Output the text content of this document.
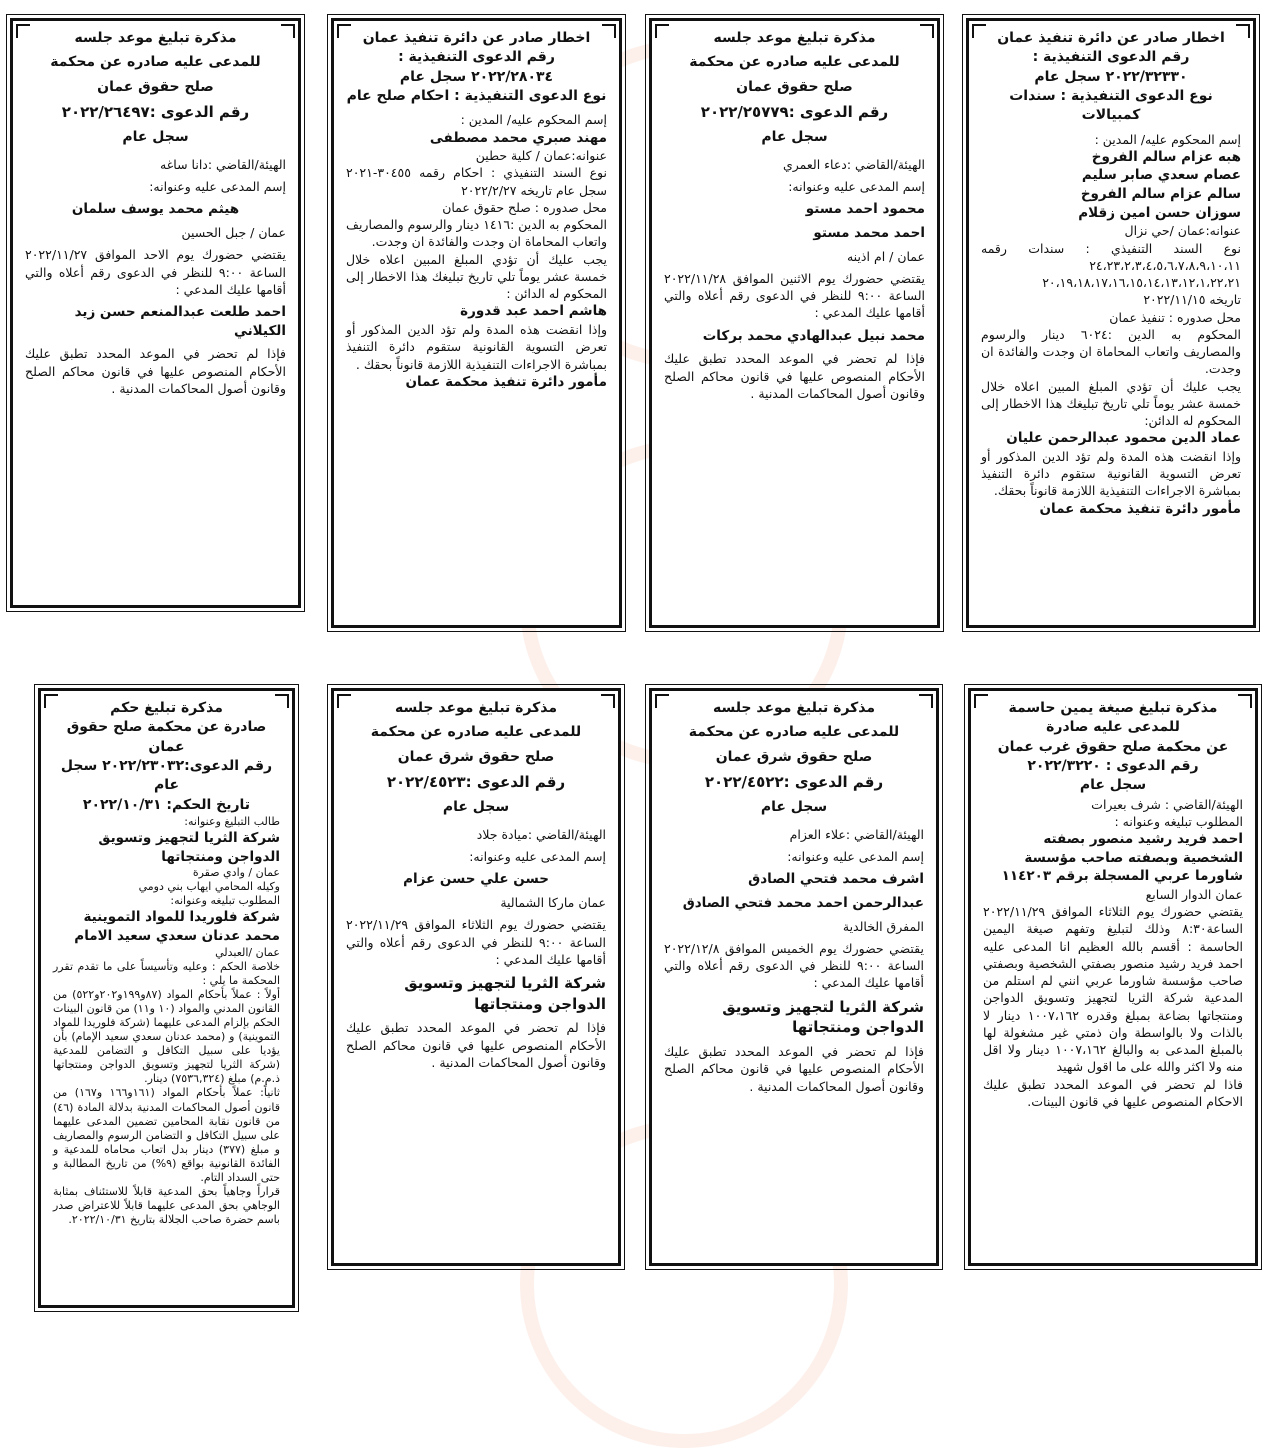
اخطار صادر عن دائرة تنفيذ عمان

رقم الدعوى التنفيذية :

٢٠٢٢/٣٢٣٣٠ سجل عام

نوع الدعوى التنفيذية : سندات كمبيالات

إسم المحكوم عليه/ المدين :

هبه عزام سالم الفروخ

عصام سعدي صابر سليم

سالم عزام سالم الفروخ

سوزان حسن امين زقلام

عنوانه:عمان /حي نزال

نوع السند التنفيذي : سندات رقمه ٢٤،٢٣،٢،٣،٤،٥،٦،٧،٨،٩،١٠،١١

٢٠،١٩،١٨،١٧،١٦،١٥،١٤،١٣،١٢،١،٢٢،٢١

تاريخه ٢٠٢٢/١١/١٥

محل صدوره : تنفيذ عمان

المحكوم به الدين :٦٠٢٤ دينار والرسوم والمصاريف واتعاب المحاماة ان وجدت والفائدة ان وجدت.

يجب عليك أن تؤدي المبلغ المبين اعلاه خلال خمسة عشر يوماً تلي تاريخ تبليغك هذا الاخطار إلى المحكوم له الدائن:

عماد الدين محمود عبدالرحمن عليان

وإذا انقضت هذه المدة ولم تؤد الدين المذكور أو تعرض التسوية القانونية ستقوم دائرة التنفيذ بمباشرة الاجراءات التنفيذية اللازمة قانوناً بحقك.

مأمور دائرة تنفيذ محكمة عمان

مذكرة تبليغ موعد جلسه

للمدعى عليه صادره عن محكمة

صلح حقوق عمان

رقم الدعوى :٢٠٢٢/٢٥٧٧٩

سجل عام

الهيئة/القاضي :دعاء العمري

إسم المدعى عليه وعنوانه:

محمود احمد مستو

احمد محمد مستو

عمان / ام اذينه

يقتضي حضورك يوم الاثنين الموافق ٢٠٢٢/١١/٢٨ الساعة ٩:٠٠ للنظر في الدعوى رقم أعلاه والتي أقامها عليك المدعي :

محمد نبيل عبدالهادي محمد بركات

فإذا لم تحضر في الموعد المحدد تطبق عليك الأحكام المنصوص عليها في قانون محاكم الصلح وقانون أصول المحاكمات المدنية .

اخطار صادر عن دائرة تنفيذ عمان

رقم الدعوى التنفيذية :

٢٠٢٢/٢٨٠٣٤ سجل عام

نوع الدعوى التنفيذية : احكام صلح عام

إسم المحكوم عليه/ المدين :

مهند صبري محمد مصطفى

عنوانه:عمان / كلية حطين

نوع السند التنفيذي : احكام رقمه ٣٠٤٥٥-٢٠٢١ سجل عام تاريخه ٢٠٢٢/٢/٢٧

محل صدوره : صلح حقوق عمان

المحكوم به الدين :١٤١٦ دينار والرسوم والمصاريف واتعاب المحاماة ان وجدت والفائدة ان وجدت.

يجب عليك أن تؤدي المبلغ المبين اعلاه خلال خمسة عشر يوماً تلي تاريخ تبليغك هذا الاخطار إلى المحكوم له الدائن :

هاشم احمد عبد قدورة

وإذا انقضت هذه المدة ولم تؤد الدين المذكور أو تعرض التسوية القانونية ستقوم دائرة التنفيذ بمباشرة الاجراءات التنفيذية اللازمة قانوناً بحقك .

مأمور دائرة تنفيذ محكمة عمان

مذكرة تبليغ موعد جلسه

للمدعى عليه صادره عن محكمة

صلح حقوق عمان

رقم الدعوى :٢٠٢٢/٢٦٤٩٧

سجل عام

الهيئة/القاضي :دانا ساغه

إسم المدعى عليه وعنوانه:

هيثم محمد يوسف سلمان

عمان / جبل الحسين

يقتضي حضورك يوم الاحد الموافق ٢٠٢٢/١١/٢٧ الساعة ٩:٠٠ للنظر في الدعوى رقم أعلاه والتي أقامها عليك المدعي :

احمد طلعت عبدالمنعم حسن زيد الكيلاني

فإذا لم تحضر في الموعد المحدد تطبق عليك الأحكام المنصوص عليها في قانون محاكم الصلح وقانون أصول المحاكمات المدنية .

مذكرة تبليغ صيغة يمين حاسمة

للمدعى عليه صادرة

عن محكمة صلح حقوق غرب عمان

رقم الدعوى : ٢٠٢٢/٣٢٢٠

سجل عام

الهيئة/القاضي : شرف بعيرات

المطلوب تبليغه وعنوانه :

احمد فريد رشيد منصور بصفته الشخصية وبصفته صاحب مؤسسة شاورما عربي المسجلة برقم ١١٤٢٠٣

عمان الدوار السابع

يقتضي حضورك يوم الثلاثاء الموافق ٢٠٢٢/١١/٢٩ الساعة٨:٣٠ وذلك لتبليغ وتفهم صيغة اليمين الحاسمة : أقسم بالله العظيم انا المدعى عليه احمد فريد رشيد منصور بصفتي الشخصية وبصفتي صاحب مؤسسة شاورما عربي انني لم استلم من المدعية شركة الثريا لتجهيز وتسويق الدواجن ومنتجاتها بضاعة بمبلغ وقدره ١٠٠٧،١٦٢ دينار لا بالذات ولا بالواسطة وان ذمتي غير مشغولة لها بالمبلغ المدعى به والبالغ ١٠٠٧،١٦٢ دينار ولا اقل منه ولا اكثر والله على ما اقول شهيد

فاذا لم تحضر في الموعد المحدد تطبق عليك الاحكام المنصوص عليها في قانون البينات.

مذكرة تبليغ موعد جلسه

للمدعى عليه صادره عن محكمة

صلح حقوق شرق عمان

رقم الدعوى :٢٠٢٢/٤٥٢٢

سجل عام

الهيئة/القاضي :علاء العزام

إسم المدعى عليه وعنوانه:

اشرف محمد فتحي الصادق

عبدالرحمن احمد محمد فتحي الصادق

المفرق الخالدية

يقتضي حضورك يوم الخميس الموافق ٢٠٢٢/١٢/٨ الساعة ٩:٠٠ للنظر في الدعوى رقم أعلاه والتي أقامها عليك المدعي :

شركة الثريا لتجهيز وتسويق الدواجن ومنتجاتها

فإذا لم تحضر في الموعد المحدد تطبق عليك الأحكام المنصوص عليها في قانون محاكم الصلح وقانون أصول المحاكمات المدنية .

مذكرة تبليغ موعد جلسه

للمدعى عليه صادره عن محكمة

صلح حقوق شرق عمان

رقم الدعوى :٢٠٢٢/٤٥٢٣

سجل عام

الهيئة/القاضي :ميادة جلاد

إسم المدعى عليه وعنوانه:

حسن علي حسن عزام

عمان ماركا الشمالية

يقتضي حضورك يوم الثلاثاء الموافق ٢٠٢٢/١١/٢٩ الساعة ٩:٠٠ للنظر في الدعوى رقم أعلاه والتي أقامها عليك المدعي :

شركة الثريا لتجهيز وتسويق الدواجن ومنتجاتها

فإذا لم تحضر في الموعد المحدد تطبق عليك الأحكام المنصوص عليها في قانون محاكم الصلح وقانون أصول المحاكمات المدنية .

مذكرة تبليغ حكم

صادرة عن محكمة صلح حقوق عمان

رقم الدعوى:٢٠٢٢/٢٣٠٣٢ سجل عام

تاريخ الحكم: ٢٠٢٢/١٠/٣١

طالب التبليغ وعنوانه:

شركة الثريا لتجهيز وتسويق الدواجن ومنتجاتها

عمان / وادي صقرة

وكيله المحامي ايهاب بني دومي

المطلوب تبليغه وعنوانه:

شركة فلوريدا للمواد التموينية

محمد عدنان سعدي سعيد الامام

عمان /العبدلي

خلاصة الحكم : وعليه وتأسيساً على ما تقدم تقرر المحكمة ما يلي :

أولاً : عملاً بأحكام المواد (٨٧و١٩٩و٢٠٢و٥٢٢) من القانون المدني والمواد (١٠ و١١) من قانون البينات الحكم بإلزام المدعى عليهما (شركة فلوريدا للمواد التموينية) و (محمد عدنان سعدي سعيد الإمام) بأن يؤديا على سبيل التكافل و التضامن للمدعية (شركة الثريا لتجهيز وتسويق الدواجن ومنتجاتها ذ.م.م) مبلغ (٧٥٣٦,٣٢٤) دينار.

ثانياً: عملاً بأحكام المواد (١٦١و١٦٦ و١٦٧) من قانون أصول المحاكمات المدنية بدلالة المادة (٤٦) من قانون نقابة المحامين تضمين المدعى عليهما على سبيل التكافل و التضامن الرسوم والمصاريف و مبلغ (٣٧٧) دينار بدل اتعاب محاماه للمدعية و الفائدة القانونية بواقع (٩%) من تاريخ المطالبة و حتى السداد التام.

قراراً وجاهياً بحق المدعية قابلاً للاستئناف بمثابة الوجاهي بحق المدعى عليهما قابلاً للاعتراض صدر باسم حضرة صاحب الجلالة بتاريخ ٢٠٢٢/١٠/٣١.
